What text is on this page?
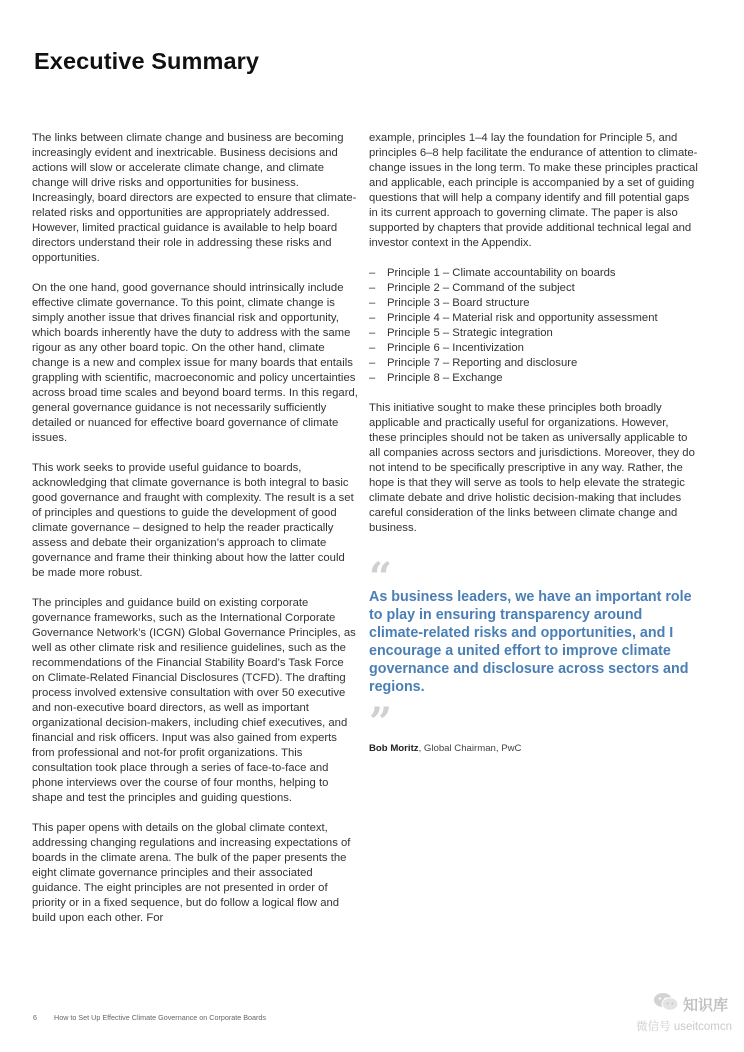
Executive Summary

The links between climate change and business are becoming increasingly evident and inextricable. Business decisions and actions will slow or accelerate climate change, and climate change will drive risks and opportunities for business. Increasingly, board directors are expected to ensure that climate-related risks and opportunities are appropriately addressed. However, limited practical guidance is available to help board directors understand their role in addressing these risks and opportunities.

On the one hand, good governance should intrinsically include effective climate governance. To this point, climate change is simply another issue that drives financial risk and opportunity, which boards inherently have the duty to address with the same rigour as any other board topic. On the other hand, climate change is a new and complex issue for many boards that entails grappling with scientific, macroeconomic and policy uncertainties across broad time scales and beyond board terms. In this regard, general governance guidance is not necessarily sufficiently detailed or nuanced for effective board governance of climate issues.

This work seeks to provide useful guidance to boards, acknowledging that climate governance is both integral to basic good governance and fraught with complexity. The result is a set of principles and questions to guide the development of good climate governance – designed to help the reader practically assess and debate their organization’s approach to climate governance and frame their thinking about how the latter could be made more robust.

The principles and guidance build on existing corporate governance frameworks, such as the International Corporate Governance Network’s (ICGN) Global Governance Principles, as well as other climate risk and resilience guidelines, such as the recommendations of the Financial Stability Board’s Task Force on Climate-Related Financial Disclosures (TCFD). The drafting process involved extensive consultation with over 50 executive and non-executive board directors, as well as important organizational decision-makers, including chief executives, and financial and risk officers. Input was also gained from experts from professional and not-for profit organizations. This consultation took place through a series of face-to-face and phone interviews over the course of four months, helping to shape and test the principles and guiding questions.

This paper opens with details on the global climate context, addressing changing regulations and increasing expectations of boards in the climate arena. The bulk of the paper presents the eight climate governance principles and their associated guidance. The eight principles are not presented in order of priority or in a fixed sequence, but do follow a logical flow and build upon each other. For

example, principles 1–4 lay the foundation for Principle 5, and principles 6–8 help facilitate the endurance of attention to climate-change issues in the long term. To make these principles practical and applicable, each principle is accompanied by a set of guiding questions that will help a company identify and fill potential gaps in its current approach to governing climate. The paper is also supported by chapters that provide additional technical legal and investor context in the Appendix.

– Principle 1 – Climate accountability on boards
– Principle 2 – Command of the subject
– Principle 3 – Board structure
– Principle 4 – Material risk and opportunity assessment
– Principle 5 – Strategic integration
– Principle 6 – Incentivization
– Principle 7 – Reporting and disclosure
– Principle 8 – Exchange

This initiative sought to make these principles both broadly applicable and practically useful for organizations. However, these principles should not be taken as universally applicable to all companies across sectors and jurisdictions. Moreover, they do not intend to be specifically prescriptive in any way. Rather, the hope is that they will serve as tools to help elevate the strategic climate debate and drive holistic decision-making that includes careful consideration of the links between climate change and business.

“

As business leaders, we have an important role to play in ensuring transparency around climate-related risks and opportunities, and I encourage a united effort to improve climate governance and disclosure across sectors and regions.

”
Bob Moritz, Global Chairman, PwC
6 How to Set Up Effective Climate Governance on Corporate Boards
知识库
微信号 useitcomcn
